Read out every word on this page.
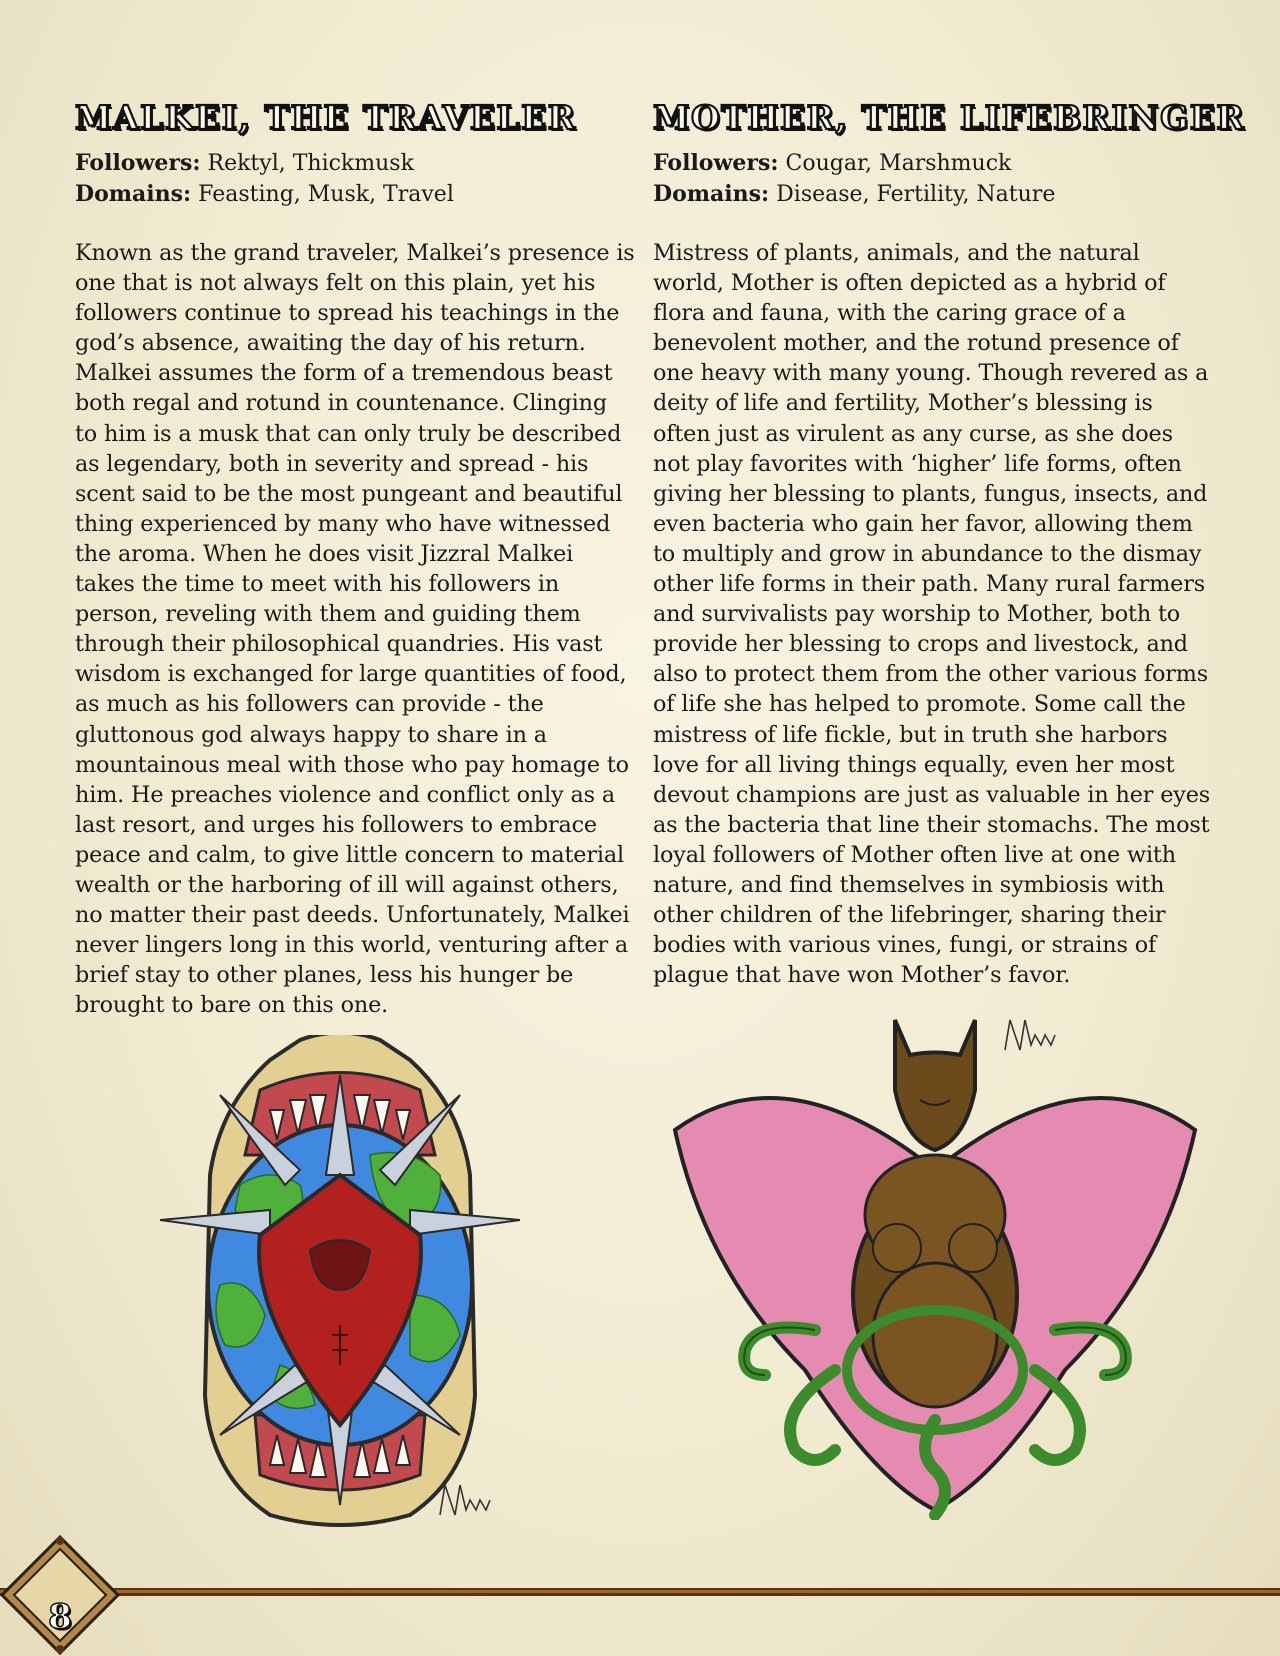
MALKEI, THE TRAVELER
Followers: Rektyl, Thickmusk
Domains: Feasting, Musk, Travel

Known as the grand traveler, Malkei’s presence is one that is not always felt on this plain, yet his followers continue to spread his teachings in the god’s absence, awaiting the day of his return. Malkei assumes the form of a tremendous beast both regal and rotund in countenance. Clinging to him is a musk that can only truly be described as legendary, both in severity and spread - his scent said to be the most pungeant and beautiful thing experienced by many who have witnessed the aroma. When he does visit Jizzral Malkei takes the time to meet with his followers in person, reveling with them and guiding them through their philosophical quandries. His vast wisdom is exchanged for large quantities of food, as much as his followers can provide - the gluttonous god always happy to share in a mountainous meal with those who pay homage to him. He preaches violence and conflict only as a last resort, and urges his followers to embrace peace and calm, to give little concern to material wealth or the harboring of ill will against others, no matter their past deeds. Unfortunately, Malkei never lingers long in this world, venturing after a brief stay to other planes, less his hunger be brought to bare on this one.

MOTHER, THE LIFEBRINGER
Followers: Cougar, Marshmuck
Domains: Disease, Fertility, Nature

Mistress of plants, animals, and the natural world, Mother is often depicted as a hybrid of flora and fauna, with the caring grace of a benevolent mother, and the rotund presence of one heavy with many young. Though revered as a deity of life and fertility, Mother’s blessing is often just as virulent as any curse, as she does not play favorites with ‘higher’ life forms, often giving her blessing to plants, fungus, insects, and even bacteria who gain her favor, allowing them to multiply and grow in abundance to the dismay other life forms in their path. Many rural farmers and survivalists pay worship to Mother, both to provide her blessing to crops and livestock, and also to protect them from the other various forms of life she has helped to promote. Some call the mistress of life fickle, but in truth she harbors love for all living things equally, even her most devout champions are just as valuable in her eyes as the bacteria that line their stomachs. The most loyal followers of Mother often live at one with nature, and find themselves in symbiosis with other children of the lifebringer, sharing their bodies with various vines, fungi, or strains of plague that have won Mother’s favor.

8
